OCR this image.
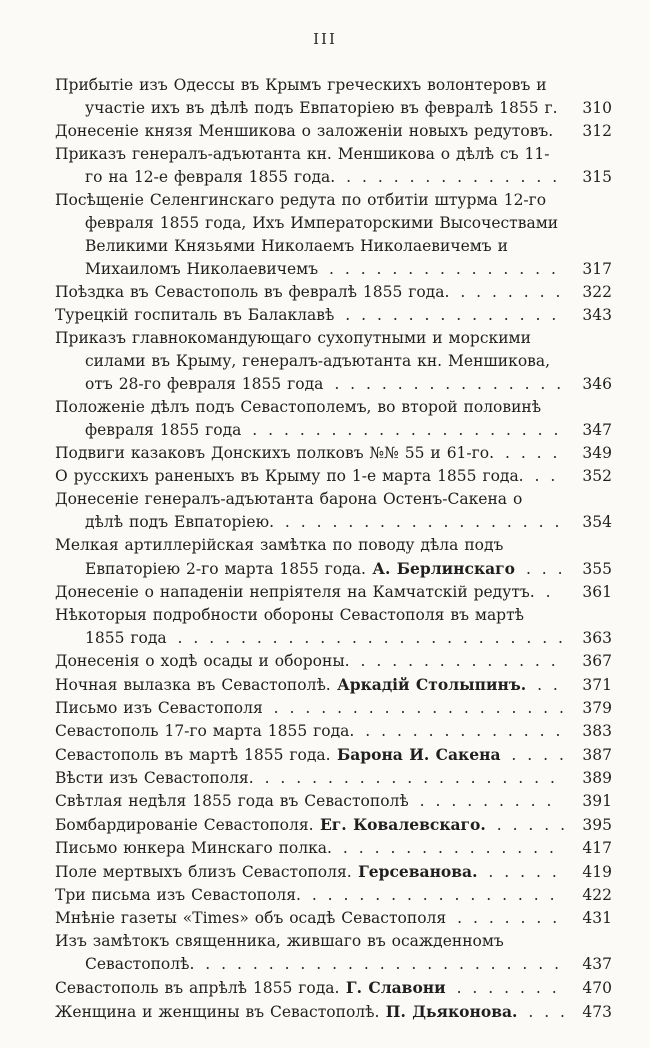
III
Прибытіе изъ Одессы въ Крымъ греческихъ волонтеровъ и участіе ихъ въ дѣлѣ подъ Евпаторіею въ февралѣ 1855 г. 310
Донесеніе князя Меншикова о заложеніи новыхъ редутовъ. 312
Приказъ генералъ-адъютанта кн. Меншикова о дѣлѣ съ 11-го на 12-е февраля 1855 года. . . . . . . . . . . . . . . 315
Посѣщеніе Селенгинскаго редута по отбитіи штурма 12-го февраля 1855 года, Ихъ Императорскими Высочествами Великими Князьями Николаемъ Николаевичемъ и Михаиломъ Николаевичемъ . . . . . . . . . . . . . . . 317
Поѣздка въ Севастополь въ февралѣ 1855 года. . . . . . . . 322
Турецкій госпиталь въ Балаклавѣ . . . . . . . . . . . . . . 343
Приказъ главнокомандующаго сухопутными и морскими силами въ Крыму, генералъ-адъютанта кн. Меншикова, отъ 28-го февраля 1855 года . . . . . . . . . . . . . . . 346
Положеніе дѣлъ подъ Севастополемъ, во второй половинѣ февраля 1855 года . . . . . . . . . . . . . . . . . . . . 347
Подвиги казаковъ Донскихъ полковъ №№ 55 и 61-го. . . . . 349
О русскихъ раненыхъ въ Крыму по 1-е марта 1855 года. . . 352
Донесеніе генералъ-адъютанта барона Остенъ-Сакена о дѣлѣ подъ Евпаторіею. . . . . . . . . . . . . . . . . . . 354
Мелкая артиллерійская замѣтка по поводу дѣла подъ Евпаторіею 2-го марта 1855 года. А. Берлинскаго . . . 355
Донесеніе о нападеніи непріятеля на Камчатскій редутъ. . 361
Нѣкоторыя подробности обороны Севастополя въ мартѣ 1855 года . . . . . . . . . . . . . . . . . . . . . . . . . 363
Донесенія о ходѣ осады и обороны. . . . . . . . . . . . . . 367
Ночная вылазка въ Севастополѣ. Аркадій Столыпинъ. . . 371
Письмо изъ Севастополя . . . . . . . . . . . . . . . . . . . 379
Севастополь 17-го марта 1855 года. . . . . . . . . . . . . . 383
Севастополь въ мартѣ 1855 года. Барона И. Сакена . . . . 387
Вѣсти изъ Севастополя. . . . . . . . . . . . . . . . . . . . 389
Свѣтлая недѣля 1855 года въ Севастополѣ . . . . . . . . . 391
Бомбардированіе Севастополя. Ег. Ковалевскаго. . . . . . 395
Письмо юнкера Минскаго полка. . . . . . . . . . . . . . . 417
Поле мертвыхъ близъ Севастополя. Герсеванова. . . . . . 419
Три письма изъ Севастополя. . . . . . . . . . . . . . . . . 422
Мнѣніе газеты «Times» объ осадѣ Севастополя . . . . . . . 431
Изъ замѣтокъ священника, жившаго въ осажденномъ Севастополѣ. . . . . . . . . . . . . . . . . . . . . . . . 437
Севастополь въ апрѣлѣ 1855 года. Г. Славони . . . . . . . 470
Женщина и женщины въ Севастополѣ. П. Дьяконова. . . . 473
